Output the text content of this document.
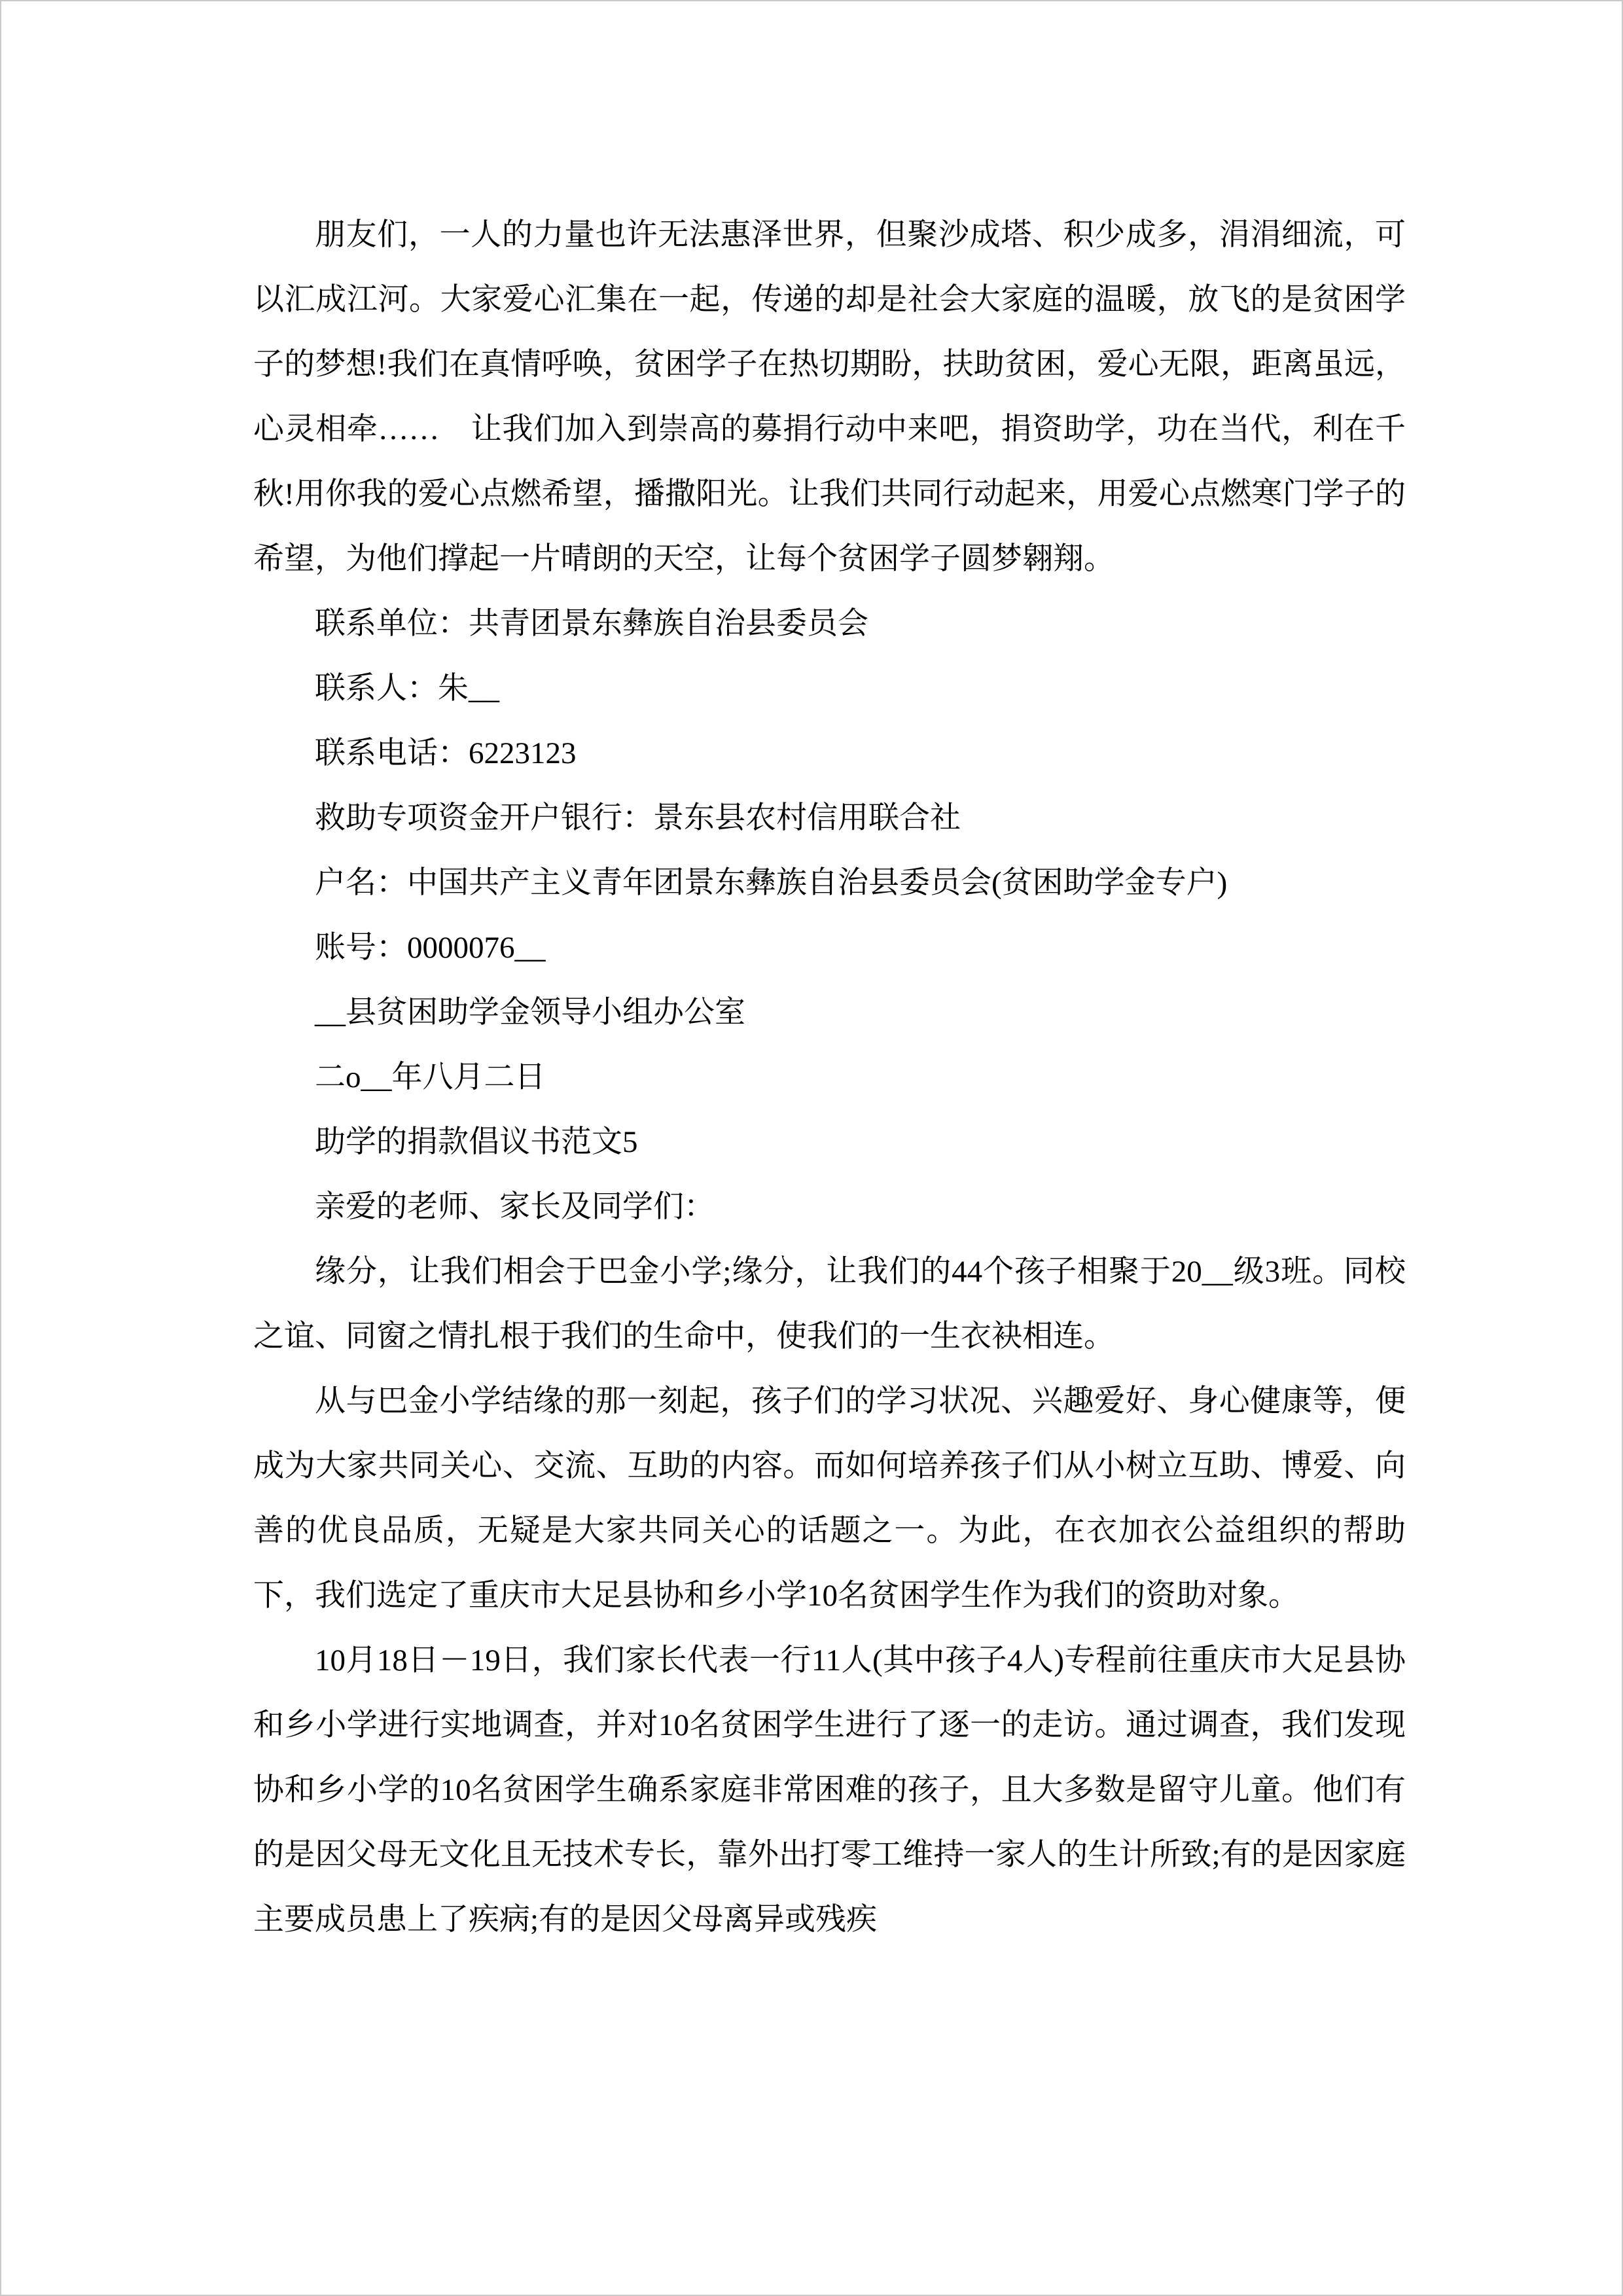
朋友们，一人的力量也许无法惠泽世界，但聚沙成塔、积少成多，涓涓细流，可以汇成江河。大家爱心汇集在一起，传递的却是社会大家庭的温暖，放飞的是贫困学子的梦想!我们在真情呼唤，贫困学子在热切期盼，扶助贫困，爱心无限，距离虽远，心灵相牵……　让我们加入到崇高的募捐行动中来吧，捐资助学，功在当代，利在千秋!用你我的爱心点燃希望，播撒阳光。让我们共同行动起来，用爱心点燃寒门学子的希望，为他们撑起一片晴朗的天空，让每个贫困学子圆梦翱翔。

联系单位：共青团景东彝族自治县委员会

联系人：朱__

联系电话：6223123

救助专项资金开户银行：景东县农村信用联合社

户名：中国共产主义青年团景东彝族自治县委员会(贫困助学金专户)

账号：0000076__

__县贫困助学金领导小组办公室

二o__年八月二日

助学的捐款倡议书范文5

亲爱的老师、家长及同学们：

缘分，让我们相会于巴金小学;缘分，让我们的44个孩子相聚于20__级3班。同校之谊、同窗之情扎根于我们的生命中，使我们的一生衣袂相连。

从与巴金小学结缘的那一刻起，孩子们的学习状况、兴趣爱好、身心健康等，便成为大家共同关心、交流、互助的内容。而如何培养孩子们从小树立互助、博爱、向善的优良品质，无疑是大家共同关心的话题之一。为此，在衣加衣公益组织的帮助下，我们选定了重庆市大足县协和乡小学10名贫困学生作为我们的资助对象。

10月18日－19日，我们家长代表一行11人(其中孩子4人)专程前往重庆市大足县协和乡小学进行实地调查，并对10名贫困学生进行了逐一的走访。通过调查，我们发现协和乡小学的10名贫困学生确系家庭非常困难的孩子，且大多数是留守儿童。他们有的是因父母无文化且无技术专长，靠外出打零工维持一家人的生计所致;有的是因家庭主要成员患上了疾病;有的是因父母离异或残疾
